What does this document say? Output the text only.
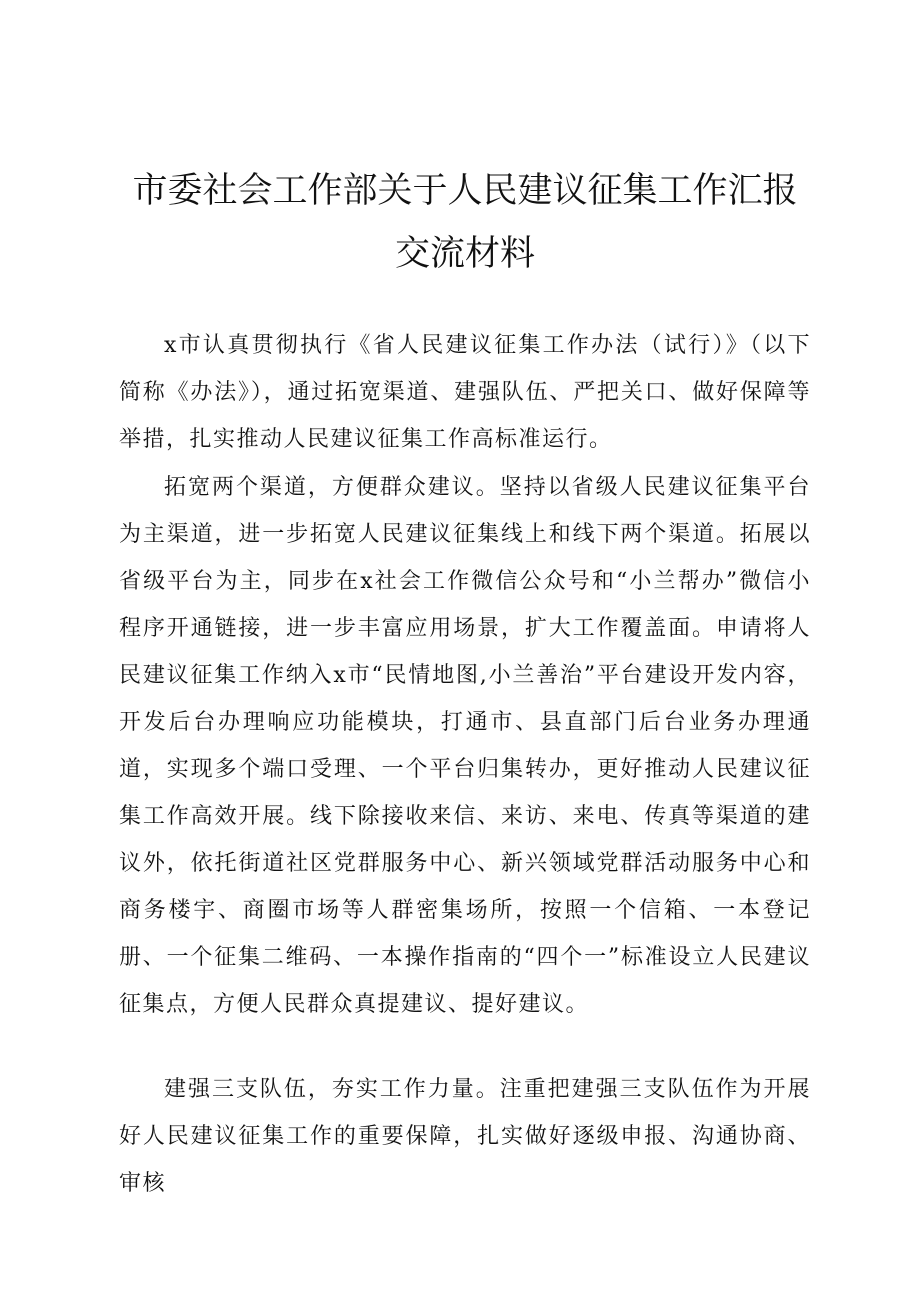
市委社会工作部关于人民建议征集工作汇报交流材料

x市认真贯彻执行《省人民建议征集工作办法（试行）》（以下简称《办法》），通过拓宽渠道、建强队伍、严把关口、做好保障等举措，扎实推动人民建议征集工作高标准运行。

拓宽两个渠道，方便群众建议。坚持以省级人民建议征集平台为主渠道，进一步拓宽人民建议征集线上和线下两个渠道。拓展以省级平台为主，同步在x社会工作微信公众号和“小兰帮办”微信小程序开通链接，进一步丰富应用场景，扩大工作覆盖面。申请将人民建议征集工作纳入x市“民情地图,小兰善治”平台建设开发内容，开发后台办理响应功能模块，打通市、县直部门后台业务办理通道，实现多个端口受理、一个平台归集转办，更好推动人民建议征集工作高效开展。线下除接收来信、来访、来电、传真等渠道的建议外，依托街道社区党群服务中心、新兴领域党群活动服务中心和商务楼宇、商圈市场等人群密集场所，按照一个信箱、一本登记册、一个征集二维码、一本操作指南的“四个一”标准设立人民建议征集点，方便人民群众真提建议、提好建议。

建强三支队伍，夯实工作力量。注重把建强三支队伍作为开展好人民建议征集工作的重要保障，扎实做好逐级申报、沟通协商、审核
